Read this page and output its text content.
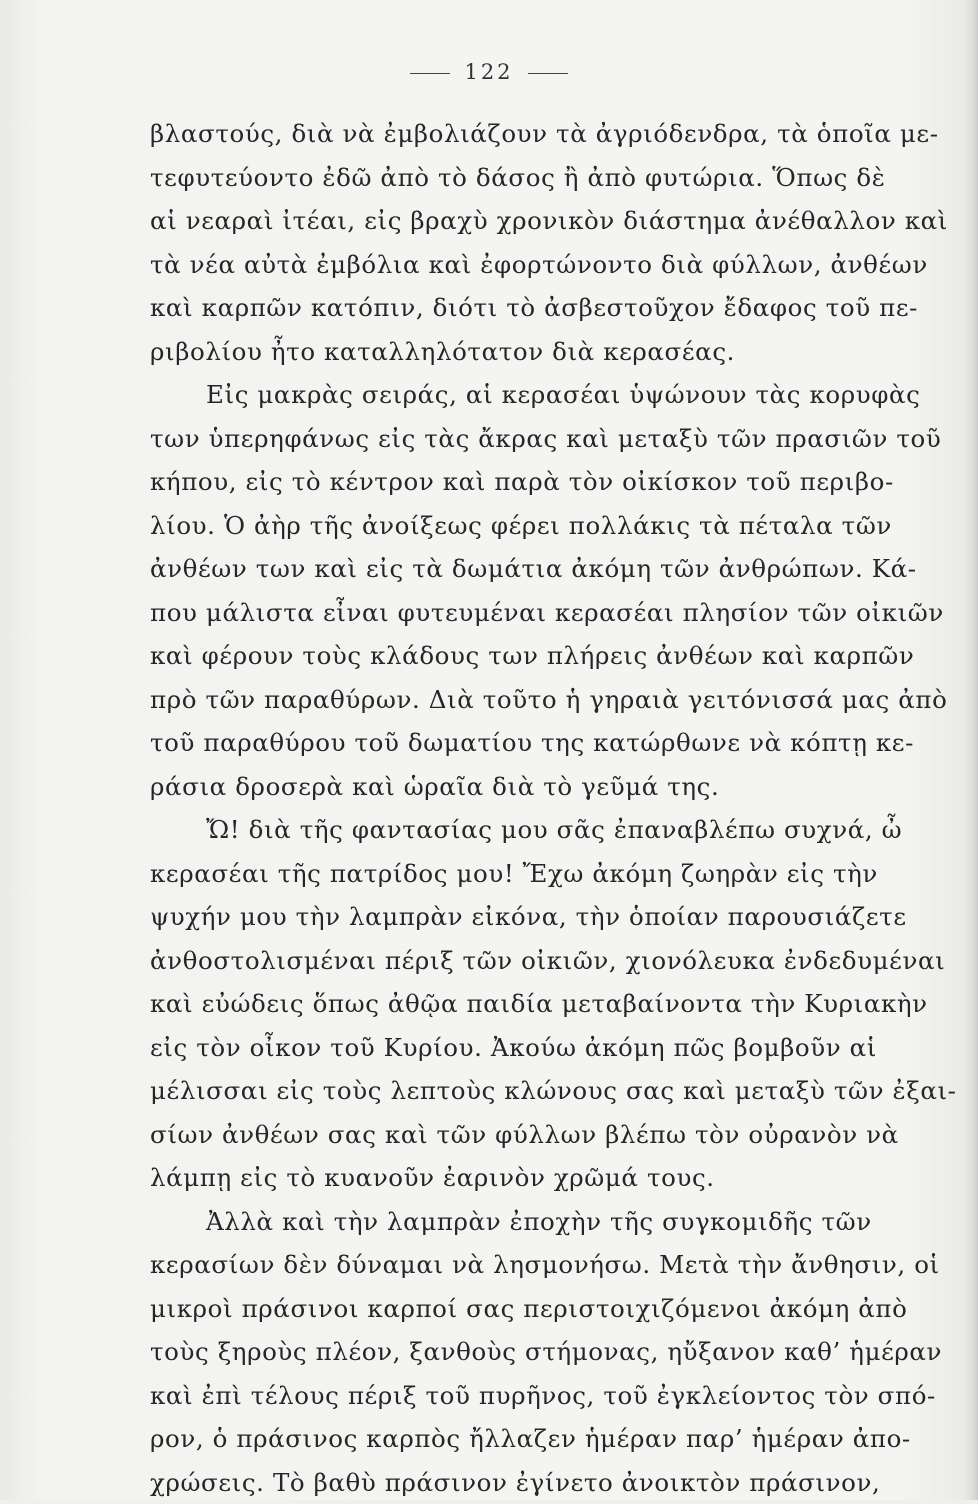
122
βλαστούς, διὰ νὰ ἐμβολιάζουν τὰ ἀγριόδενδρα, τὰ ὁποῖα με-
τεφυτεύοντο ἐδῶ ἀπὸ τὸ δάσος ἢ ἀπὸ φυτώρια. Ὅπως δὲ
αἱ νεαραὶ ἰτέαι, εἰς βραχὺ χρονικὸν διάστημα ἀνέθαλλον καὶ
τὰ νέα αὐτὰ ἐμβόλια καὶ ἐφορτώνοντο διὰ φύλλων, ἀνθέων
καὶ καρπῶν κατόπιν, διότι τὸ ἀσβεστοῦχον ἔδαφος τοῦ πε-
ριβολίου ἦτο καταλληλότατον διὰ κερασέας.
Εἰς μακρὰς σειράς, αἱ κερασέαι ὑψώνουν τὰς κορυφὰς
των ὑπερηφάνως εἰς τὰς ἄκρας καὶ μεταξὺ τῶν πρασιῶν τοῦ
κήπου, εἰς τὸ κέντρον καὶ παρὰ τὸν οἰκίσκον τοῦ περιβο-
λίου. Ὁ ἀὴρ τῆς ἀνοίξεως φέρει πολλάκις τὰ πέταλα τῶν
ἀνθέων των καὶ εἰς τὰ δωμάτια ἀκόμη τῶν ἀνθρώπων. Κά-
που μάλιστα εἶναι φυτευμέναι κερασέαι πλησίον τῶν οἰκιῶν
καὶ φέρουν τοὺς κλάδους των πλήρεις ἀνθέων καὶ καρπῶν
πρὸ τῶν παραθύρων. Διὰ τοῦτο ἡ γηραιὰ γειτόνισσά μας ἀπὸ
τοῦ παραθύρου τοῦ δωματίου της κατώρθωνε νὰ κόπτῃ κε-
ράσια δροσερὰ καὶ ὡραῖα διὰ τὸ γεῦμά της.
Ὤ! διὰ τῆς φαντασίας μου σᾶς ἐπαναβλέπω συχνά, ὦ
κερασέαι τῆς πατρίδος μου! Ἔχω ἀκόμη ζωηρὰν εἰς τὴν
ψυχήν μου τὴν λαμπρὰν εἰκόνα, τὴν ὁποίαν παρουσιάζετε
ἀνθοστολισμέναι πέριξ τῶν οἰκιῶν, χιονόλευκα ἐνδεδυμέναι
καὶ εὐώδεις ὅπως ἀθῷα παιδία μεταβαίνοντα τὴν Κυριακὴν
εἰς τὸν οἶκον τοῦ Κυρίου. Ἀκούω ἀκόμη πῶς βομβοῦν αἱ
μέλισσαι εἰς τοὺς λεπτοὺς κλώνους σας καὶ μεταξὺ τῶν ἐξαι-
σίων ἀνθέων σας καὶ τῶν φύλλων βλέπω τὸν οὐρανὸν νὰ
λάμπῃ εἰς τὸ κυανοῦν ἐαρινὸν χρῶμά τους.
Ἀλλὰ καὶ τὴν λαμπρὰν ἐποχὴν τῆς συγκομιδῆς τῶν
κερασίων δὲν δύναμαι νὰ λησμονήσω. Μετὰ τὴν ἄνθησιν, οἱ
μικροὶ πράσινοι καρποί σας περιστοιχιζόμενοι ἀκόμη ἀπὸ
τοὺς ξηροὺς πλέον, ξανθοὺς στήμονας, ηὔξανον καθ’ ἡμέραν
καὶ ἐπὶ τέλους πέριξ τοῦ πυρῆνος, τοῦ ἐγκλείοντος τὸν σπό-
ρον, ὁ πράσινος καρπὸς ἤλλαζεν ἡμέραν παρ’ ἡμέραν ἀπο-
χρώσεις. Τὸ βαθὺ πράσινον ἐγίνετο ἀνοικτὸν πράσινον,
